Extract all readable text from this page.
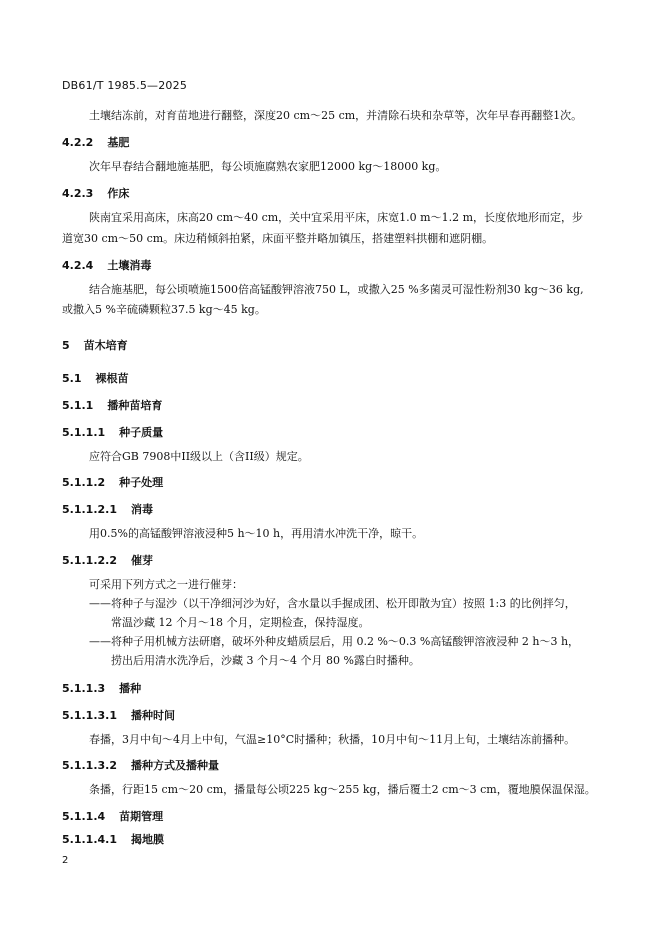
DB61/T 1985.5—2025
土壤结冻前，对育苗地进行翻整，深度20 cm～25 cm，并清除石块和杂草等，次年早春再翻整1次。
4.2.2 基肥
次年早春结合翻地施基肥，每公顷施腐熟农家肥12000 kg～18000 kg。
4.2.3 作床
陕南宜采用高床，床高20 cm～40 cm，关中宜采用平床，床宽1.0 m～1.2 m，长度依地形而定，步
道宽30 cm～50 cm。床边稍倾斜拍紧，床面平整并略加镇压，搭建塑料拱棚和遮阴棚。
4.2.4 土壤消毒
结合施基肥，每公顷喷施1500倍高锰酸钾溶液750 L，或撒入25 %多菌灵可湿性粉剂30 kg～36 kg,
或撒入5 %辛硫磷颗粒37.5 kg～45 kg。
5 苗木培育
5.1 裸根苗
5.1.1 播种苗培育
5.1.1.1 种子质量
应符合GB 7908中II级以上（含II级）规定。
5.1.1.2 种子处理
5.1.1.2.1 消毒
用0.5%的高锰酸钾溶液浸种5 h～10 h，再用清水冲洗干净，晾干。
5.1.1.2.2 催芽
可采用下列方式之一进行催芽：
——将种子与湿沙（以干净细河沙为好，含水量以手握成团、松开即散为宜）按照 1:3 的比例拌匀，
常温沙藏 12 个月～18 个月，定期检查，保持湿度。
——将种子用机械方法研磨，破坏外种皮蜡质层后，用 0.2 %～0.3 %高锰酸钾溶液浸种 2 h～3 h，
捞出后用清水洗净后，沙藏 3 个月～4 个月 80 %露白时播种。
5.1.1.3 播种
5.1.1.3.1 播种时间
春播，3月中旬～4月上中旬，气温≥10°C时播种；秋播，10月中旬～11月上旬，土壤结冻前播种。
5.1.1.3.2 播种方式及播种量
条播，行距15 cm～20 cm，播量每公顷225 kg～255 kg，播后覆土2 cm～3 cm，覆地膜保温保湿。
5.1.1.4 苗期管理
5.1.1.4.1 揭地膜
2
